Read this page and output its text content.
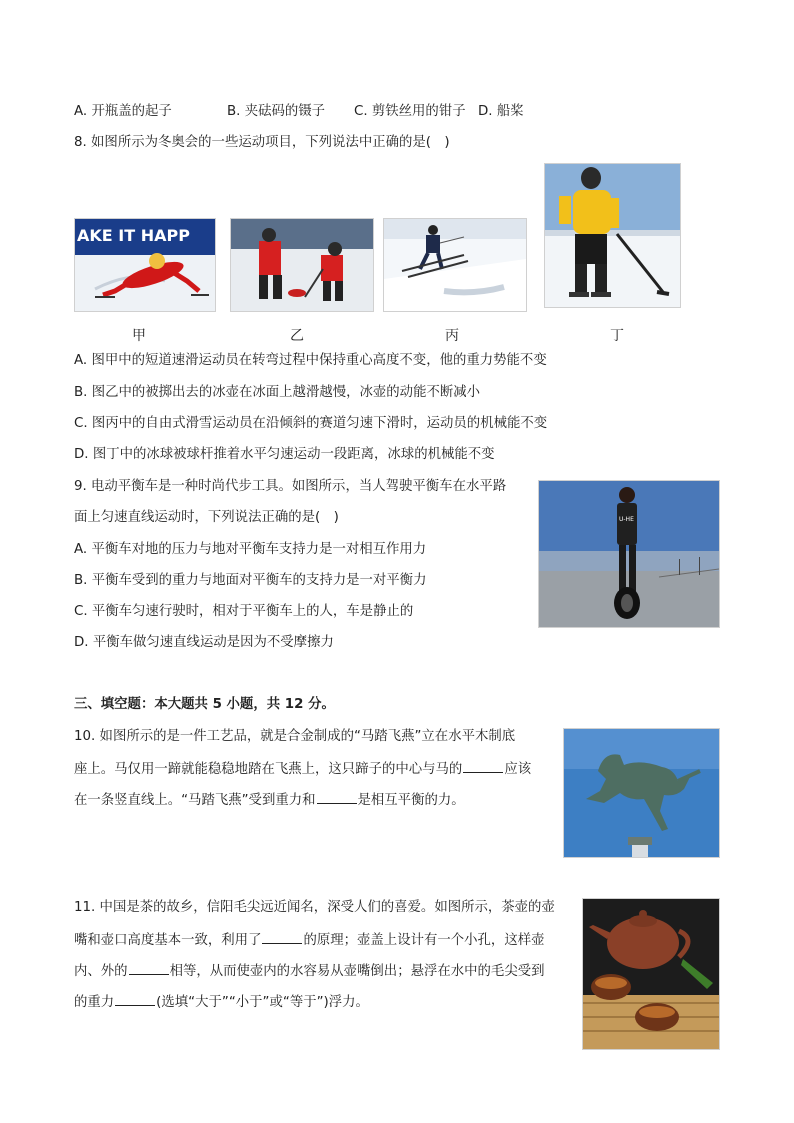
A. 开瓶盖的起子	B. 夹砝码的镊子 C. 剪铁丝用的钳子 D. 船桨
8. 如图所示为冬奥会的一些运动项目，下列说法中正确的是(　)
AKE IT HAPP
甲	乙	丙	丁
A. 图甲中的短道速滑运动员在转弯过程中保持重心高度不变，他的重力势能不变
B. 图乙中的被掷出去的冰壶在冰面上越滑越慢，冰壶的动能不断减小
C. 图丙中的自由式滑雪运动员在沿倾斜的赛道匀速下滑时，运动员的机械能不变
D. 图丁中的冰球被球杆推着水平匀速运动一段距离，冰球的机械能不变
9. 电动平衡车是一种时尚代步工具。如图所示，当人驾驶平衡车在水平路
面上匀速直线运动时，下列说法正确的是(　)
A. 平衡车对地的压力与地对平衡车支持力是一对相互作用力
B. 平衡车受到的重力与地面对平衡车的支持力是一对平衡力
C. 平衡车匀速行驶时，相对于平衡车上的人，车是静止的
D. 平衡车做匀速直线运动是因为不受摩擦力
U-HE
三、填空题：本大题共 5 小题，共 12 分。
10. 如图所示的是一件工艺品，就是合金制成的“马踏飞燕”立在水平木制底
座上。马仅用一蹄就能稳稳地踏在飞燕上，这只蹄子的中心与马的	应该
在一条竖直线上。“马踏飞燕”受到重力和	是相互平衡的力。
11. 中国是茶的故乡，信阳毛尖远近闻名，深受人们的喜爱。如图所示，茶壶的壶
嘴和壶口高度基本一致，利用了	的原理；壶盖上设计有一个小孔，这样壶
内、外的	相等，从而使壶内的水容易从壶嘴倒出；悬浮在水中的毛尖受到
的重力	(选填“大于”“小于”或“等于”)浮力。
